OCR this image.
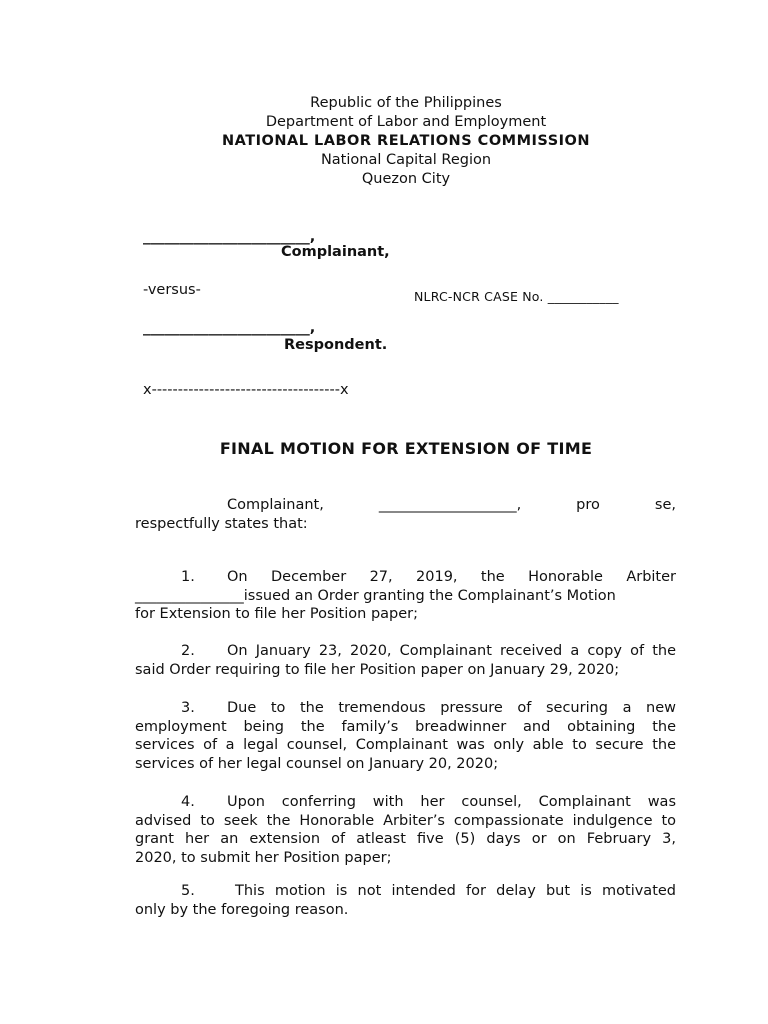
Republic of the Philippines
Department of Labor and Employment
NATIONAL LABOR RELATIONS COMMISSION
National Capital Region
Quezon City
_______________________,
Complainant,
-versus-	NLRC-NCR CASE No. ___________
_______________________,
Respondent.
x------------------------------------x
FINAL MOTION FOR EXTENSION OF TIME
Complainant,      ___________________,      pro      se,
respectfully states that:
1.	On    December    27,    2019,    the    Honorable    Arbiter
_______________issued an Order granting the Complainant’s Motion
for Extension to file her Position paper;
2.	On January 23, 2020, Complainant received a copy of the
said Order requiring to file her Position paper on January 29, 2020;
3.	Due to the tremendous pressure of securing a new
employment being the family’s breadwinner and obtaining the
services of a legal counsel, Complainant was only able to secure the
services of her legal counsel on January 20, 2020;
4.	Upon conferring with her counsel, Complainant was
advised to seek the Honorable Arbiter’s compassionate indulgence to
grant her an extension of atleast five (5) days or on February 3,
2020, to submit her Position paper;
5.	This motion is not intended for delay but is motivated
only by the foregoing reason.
